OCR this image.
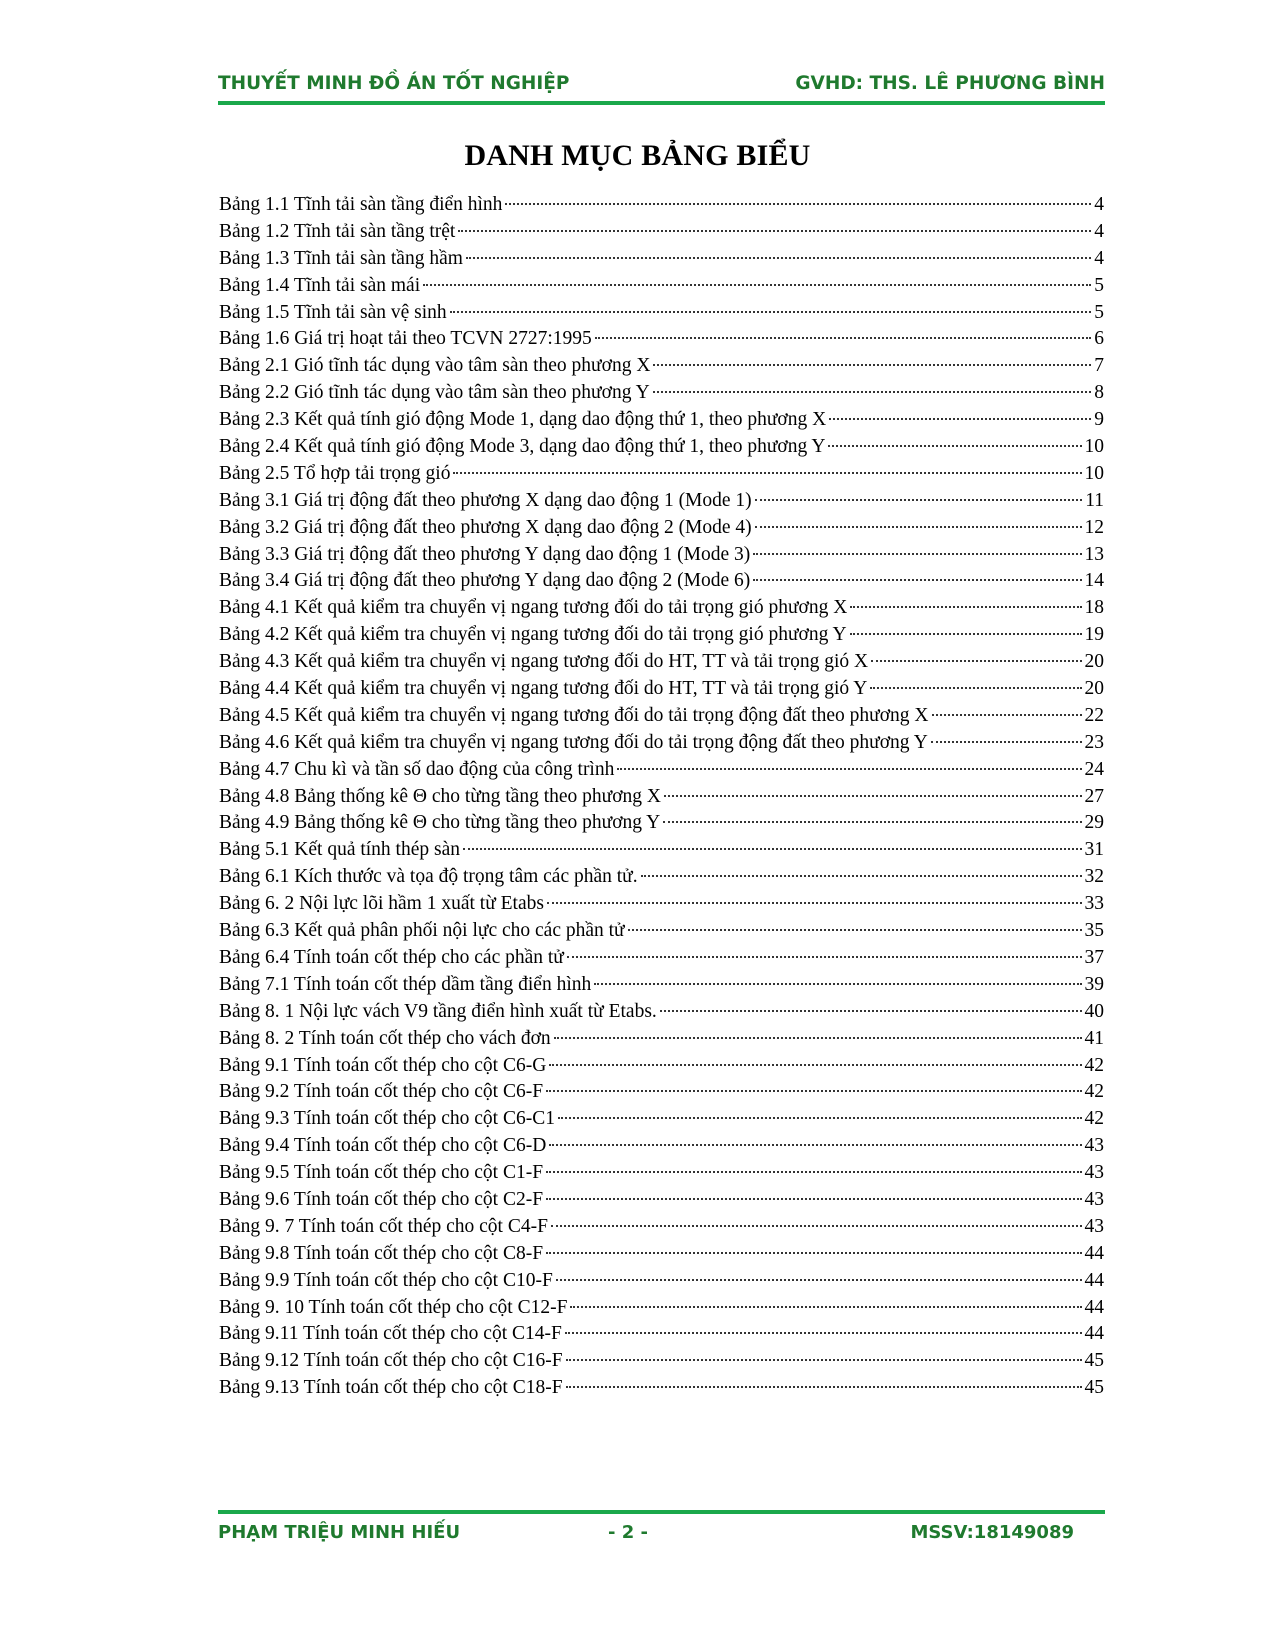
THUYẾT MINH ĐỒ ÁN TỐT NGHIỆP	GVHD: THS. LÊ PHƯƠNG BÌNH
DANH MỤC BẢNG BIỂU
Bảng 1.1 Tĩnh tải sàn tầng điển hình	4
Bảng 1.2 Tĩnh tải sàn tầng trệt	4
Bảng 1.3 Tĩnh tải sàn tầng hầm	4
Bảng 1.4 Tĩnh tải sàn mái	5
Bảng 1.5 Tĩnh tải sàn vệ sinh	5
Bảng 1.6 Giá trị hoạt tải theo TCVN 2727:1995	6
Bảng 2.1 Gió tĩnh tác dụng vào tâm sàn theo phương X	7
Bảng 2.2 Gió tĩnh tác dụng vào tâm sàn theo phương Y	8
Bảng 2.3 Kết quả tính gió động Mode 1, dạng dao động thứ 1, theo phương X	9
Bảng 2.4 Kết quả tính gió động Mode 3, dạng dao động thứ 1, theo phương Y	10
Bảng 2.5 Tổ hợp tải trọng gió	10
Bảng 3.1 Giá trị động đất theo phương X dạng dao động 1 (Mode 1)	11
Bảng 3.2 Giá trị động đất theo phương X dạng dao động 2 (Mode 4)	12
Bảng 3.3 Giá trị động đất theo phương Y dạng dao động 1 (Mode 3)	13
Bảng 3.4 Giá trị động đất theo phương Y dạng dao động 2 (Mode 6)	14
Bảng 4.1 Kết quả kiểm tra chuyển vị ngang tương đối do tải trọng gió phương X	18
Bảng 4.2 Kết quả kiểm tra chuyển vị ngang tương đối do tải trọng gió phương Y	19
Bảng 4.3 Kết quả kiểm tra chuyển vị ngang tương đối do HT, TT và tải trọng gió X	20
Bảng 4.4 Kết quả kiểm tra chuyển vị ngang tương đối do HT, TT và tải trọng gió Y	20
Bảng 4.5 Kết quả kiểm tra chuyển vị ngang tương đối do tải trọng động đất theo phương X	22
Bảng 4.6 Kết quả kiểm tra chuyển vị ngang tương đối do tải trọng động đất theo phương Y	23
Bảng 4.7 Chu kì và tần số dao động của công trình	24
Bảng 4.8 Bảng thống kê Θ cho từng tầng theo phương X	27
Bảng 4.9 Bảng thống kê Θ cho từng tầng theo phương Y	29
Bảng 5.1 Kết quả tính thép sàn	31
Bảng 6.1 Kích thước và tọa độ trọng tâm các phần tử.	32
Bảng 6. 2 Nội lực lõi hầm 1 xuất từ Etabs	33
Bảng 6.3 Kết quả phân phối nội lực cho các phần tử	35
Bảng 6.4 Tính toán cốt thép cho các phần tử	37
Bảng 7.1 Tính toán cốt thép dầm tầng điển hình	39
Bảng 8. 1 Nội lực vách V9 tầng điển hình xuất từ Etabs.	40
Bảng 8. 2 Tính toán cốt thép cho vách đơn	41
Bảng 9.1 Tính toán cốt thép cho cột C6-G	42
Bảng 9.2 Tính toán cốt thép cho cột C6-F	42
Bảng 9.3 Tính toán cốt thép cho cột C6-C1	42
Bảng 9.4 Tính toán cốt thép cho cột C6-D	43
Bảng 9.5 Tính toán cốt thép cho cột C1-F	43
Bảng 9.6 Tính toán cốt thép cho cột C2-F	43
Bảng 9. 7 Tính toán cốt thép cho cột C4-F	43
Bảng 9.8 Tính toán cốt thép cho cột C8-F	44
Bảng 9.9 Tính toán cốt thép cho cột C10-F	44
Bảng 9. 10 Tính toán cốt thép cho cột C12-F	44
Bảng 9.11 Tính toán cốt thép cho cột C14-F	44
Bảng 9.12 Tính toán cốt thép cho cột C16-F	45
Bảng 9.13 Tính toán cốt thép cho cột C18-F	45
PHẠM TRIỆU MINH HIẾU	- 2 -	MSSV:18149089
